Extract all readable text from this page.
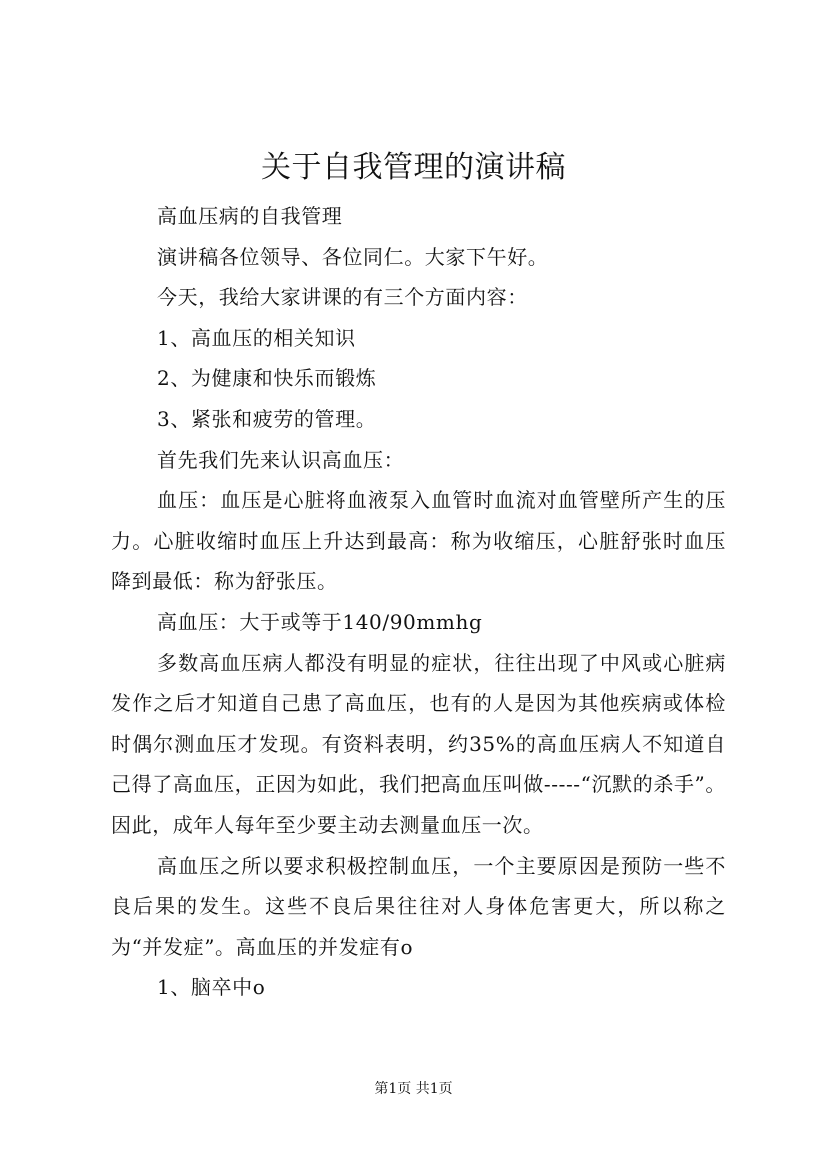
关于自我管理的演讲稿

高血压病的自我管理

演讲稿各位领导、各位同仁。大家下午好。

今天，我给大家讲课的有三个方面内容：

1、高血压的相关知识

2、为健康和快乐而锻炼

3、紧张和疲劳的管理。

首先我们先来认识高血压：

血压：血压是心脏将血液泵入血管时血流对血管壁所产生的压力。心脏收缩时血压上升达到最高：称为收缩压，心脏舒张时血压降到最低：称为舒张压。

高血压：大于或等于140/90mmhg

多数高血压病人都没有明显的症状，往往出现了中风或心脏病发作之后才知道自己患了高血压，也有的人是因为其他疾病或体检时偶尔测血压才发现。有资料表明，约35%的高血压病人不知道自己得了高血压，正因为如此，我们把高血压叫做-----“沉默的杀手”。因此，成年人每年至少要主动去测量血压一次。

高血压之所以要求积极控制血压，一个主要原因是预防一些不良后果的发生。这些不良后果往往对人身体危害更大，所以称之为“并发症”。高血压的并发症有o

1、脑卒中o

第1页 共1页
